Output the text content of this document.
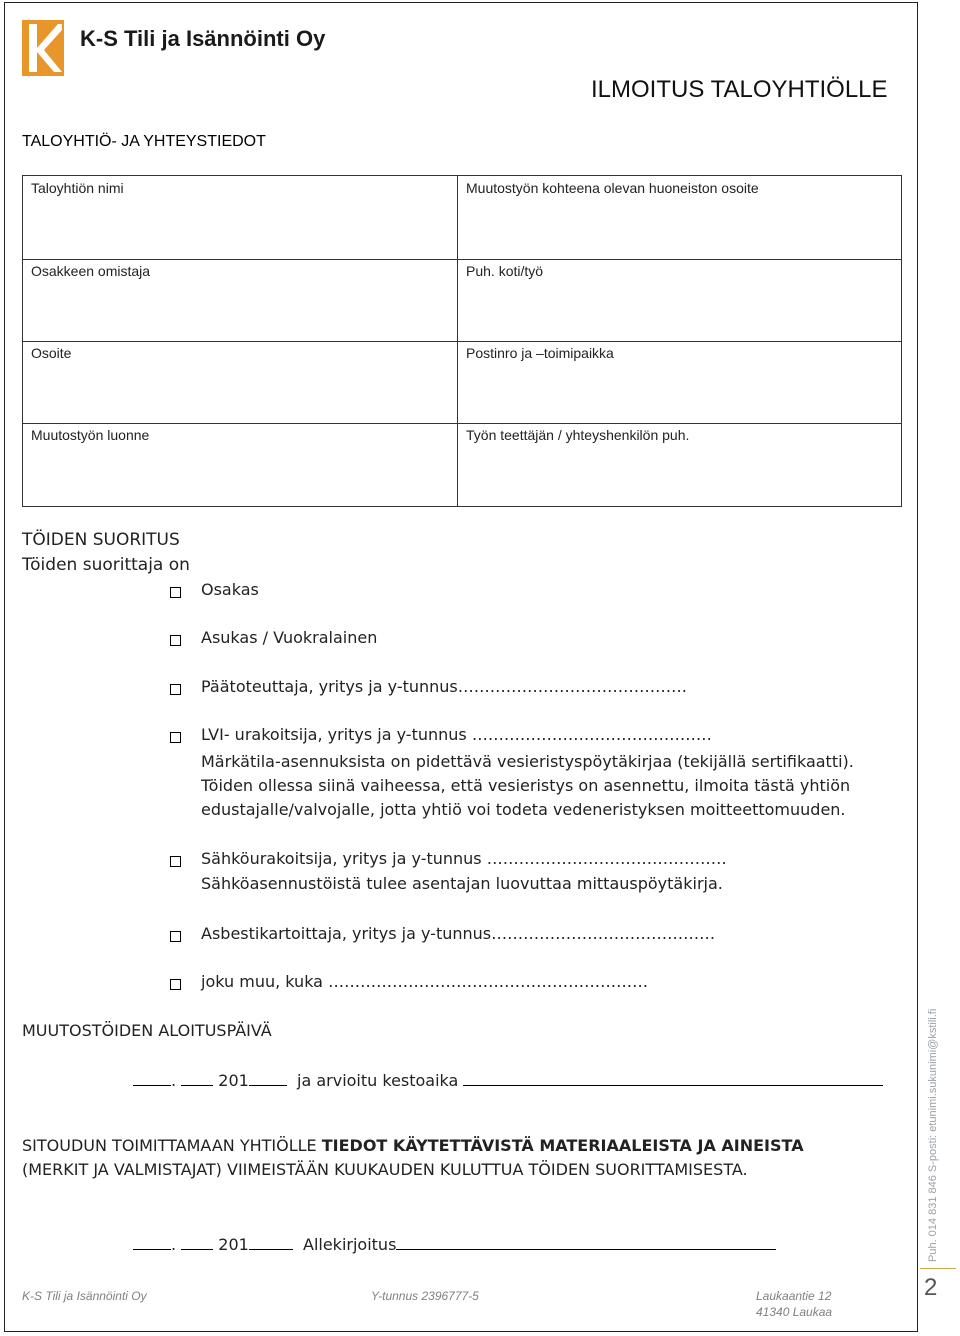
K-S Tili ja Isännöinti Oy
ILMOITUS TALOYHTIÖLLE
TALOYHTIÖ- JA YHTEYSTIEDOT
Taloyhtiön nimi	Muutostyön kohteena olevan huoneiston osoite
Osakkeen omistaja	Puh. koti/työ
Osoite	Postinro ja –toimipaikka
Muutostyön luonne	Työn teettäjän / yhteyshenkilön puh.
TÖIDEN SUORITUS
Töiden suorittaja on
Osakas
Asukas / Vuokralainen
Päätoteuttaja, yritys ja y-tunnus…………………………………….
LVI- urakoitsija, yritys ja y-tunnus ………………………………………
Märkätila-asennuksista on pidettävä vesieristyspöytäkirjaa (tekijällä sertifikaatti).
Töiden ollessa siinä vaiheessa, että vesieristys on asennettu, ilmoita tästä yhtiön
edustajalle/valvojalle, jotta yhtiö voi todeta vedeneristyksen moitteettomuuden.
Sähköurakoitsija, yritys ja y-tunnus ………………………………………
Sähköasennustöistä tulee asentajan luovuttaa mittauspöytäkirja.
Asbestikartoittaja, yritys ja y-tunnus……………………………………
joku muu, kuka ……………………………………………………
MUUTOSTÖIDEN ALOITUSPÄIVÄ
.	201	ja arvioitu kestoaika
SITOUDUN TOIMITTAMAAN YHTIÖLLE TIEDOT KÄYTETTÄVISTÄ MATERIAALEISTA JA AINEISTA
(MERKIT JA VALMISTAJAT) VIIMEISTÄÄN KUUKAUDEN KULUTTUA TÖIDEN SUORITTAMISESTA.
.	201	Allekirjoitus
K-S Tili ja Isännöinti Oy	Y-tunnus 2396777-5	Laukaantie 12
41340 Laukaa
Puh. 014 831 846 S-posti: etunimi.sukunimi@kstili.fi
2
